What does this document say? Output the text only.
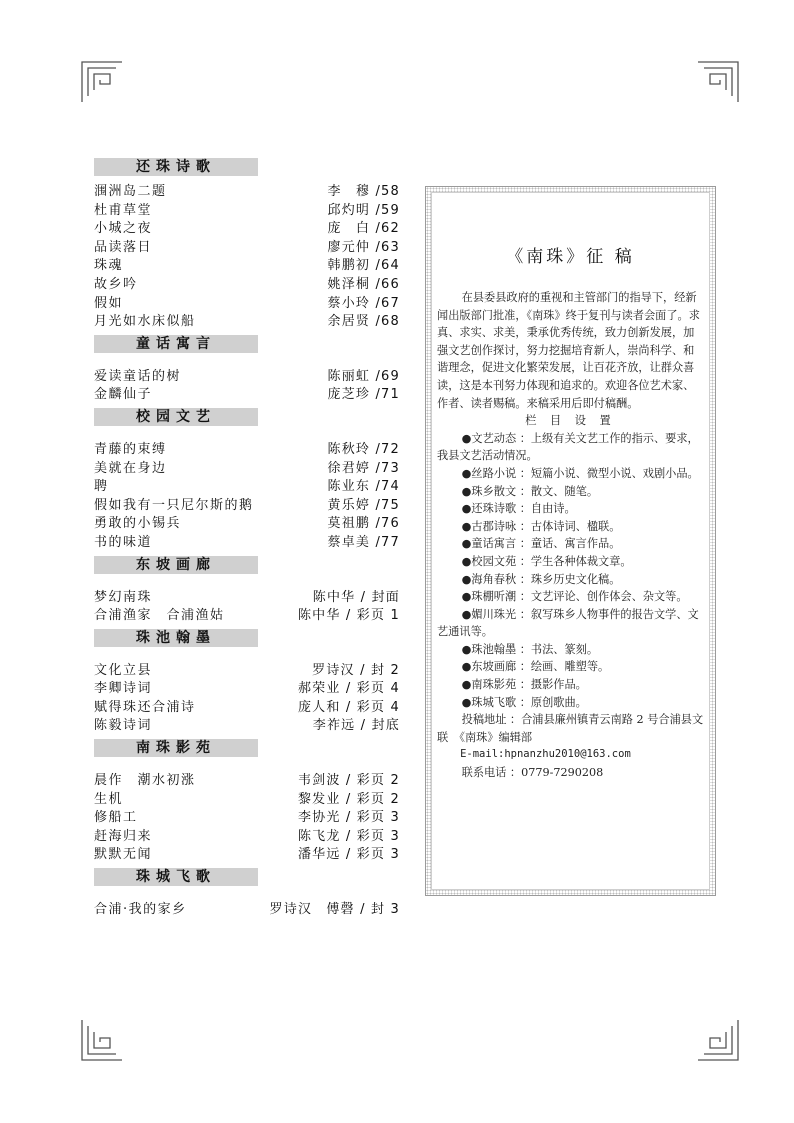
还珠诗歌
涠洲岛二题	李　穆 /58
杜甫草堂	邱灼明 /59
小城之夜	庞　白 /62
品读落日	廖元仲 /63
珠魂	韩鹏初 /64
故乡吟	姚泽桐 /66
假如	蔡小玲 /67
月光如水床似船	余居贤 /68
童话寓言
爱读童话的树	陈丽虹 /69
金麟仙子	庞芝珍 /71
校园文艺
青藤的束缚	陈秋玲 /72
美就在身边	徐君婷 /73
聘	陈业东 /74
假如我有一只尼尔斯的鹅	黄乐婷 /75
勇敢的小锡兵	莫祖鹏 /76
书的味道	蔡卓美 /77
东坡画廊
梦幻南珠	陈中华 / 封面
合浦渔家　合浦渔姑	陈中华 / 彩页 1
珠池翰墨
文化立县	罗诗汉 / 封 2
李卿诗词	郝荣业 / 彩页 4
赋得珠还合浦诗	庞人和 / 彩页 4
陈毅诗词	李祚远 / 封底
南珠影苑
晨作　潮水初涨	韦剑波 / 彩页 2
生机	黎发业 / 彩页 2
修船工	李协光 / 彩页 3
赶海归来	陈飞龙 / 彩页 3
默默无闻	潘华远 / 彩页 3
珠城飞歌
合浦·我的家乡	罗诗汉　傅磬 / 封 3
《南珠》征 稿

在县委县政府的重视和主管部门的指导下，经新闻出版部门批准，《南珠》终于复刊与读者会面了。求真、求实、求美，秉承优秀传统，致力创新发展，加强文艺创作探讨，努力挖掘培育新人，崇尚科学、和谐理念，促进文化繁荣发展，让百花齐放，让群众喜读，这是本刊努力体现和追求的。欢迎各位艺术家、作者、读者赐稿。来稿采用后即付稿酬。

栏 目 设 置

● 文艺动态 ：上级有关文艺工作的指示、要求，我县文艺活动情况。

● 丝路小说 ：短篇小说、微型小说、戏剧小品。

● 珠乡散文 ：散文、随笔。

● 还珠诗歌 ：自由诗。

● 古郡诗咏 ：古体诗词、楹联。

● 童话寓言 ：童话、寓言作品。

● 校园文苑 ：学生各种体裁文章。

● 海角春秋 ：珠乡历史文化稿。

● 珠棚听潮 ：文艺评论、创作体会、杂文等。

● 媚川珠光 ：叙写珠乡人物事件的报告文学、文艺通讯等。

● 珠池翰墨 ：书法、篆刻。

● 东坡画廊 ：绘画、雕塑等。

● 南珠影苑 ：摄影作品。

● 珠城飞歌 ：原创歌曲。

投稿地址 ：合浦县廉州镇青云南路 2 号合浦县文联　《南珠》编辑部

E-mail:hpnanzhu2010@163.com

联系电话 ：0779-7290208
